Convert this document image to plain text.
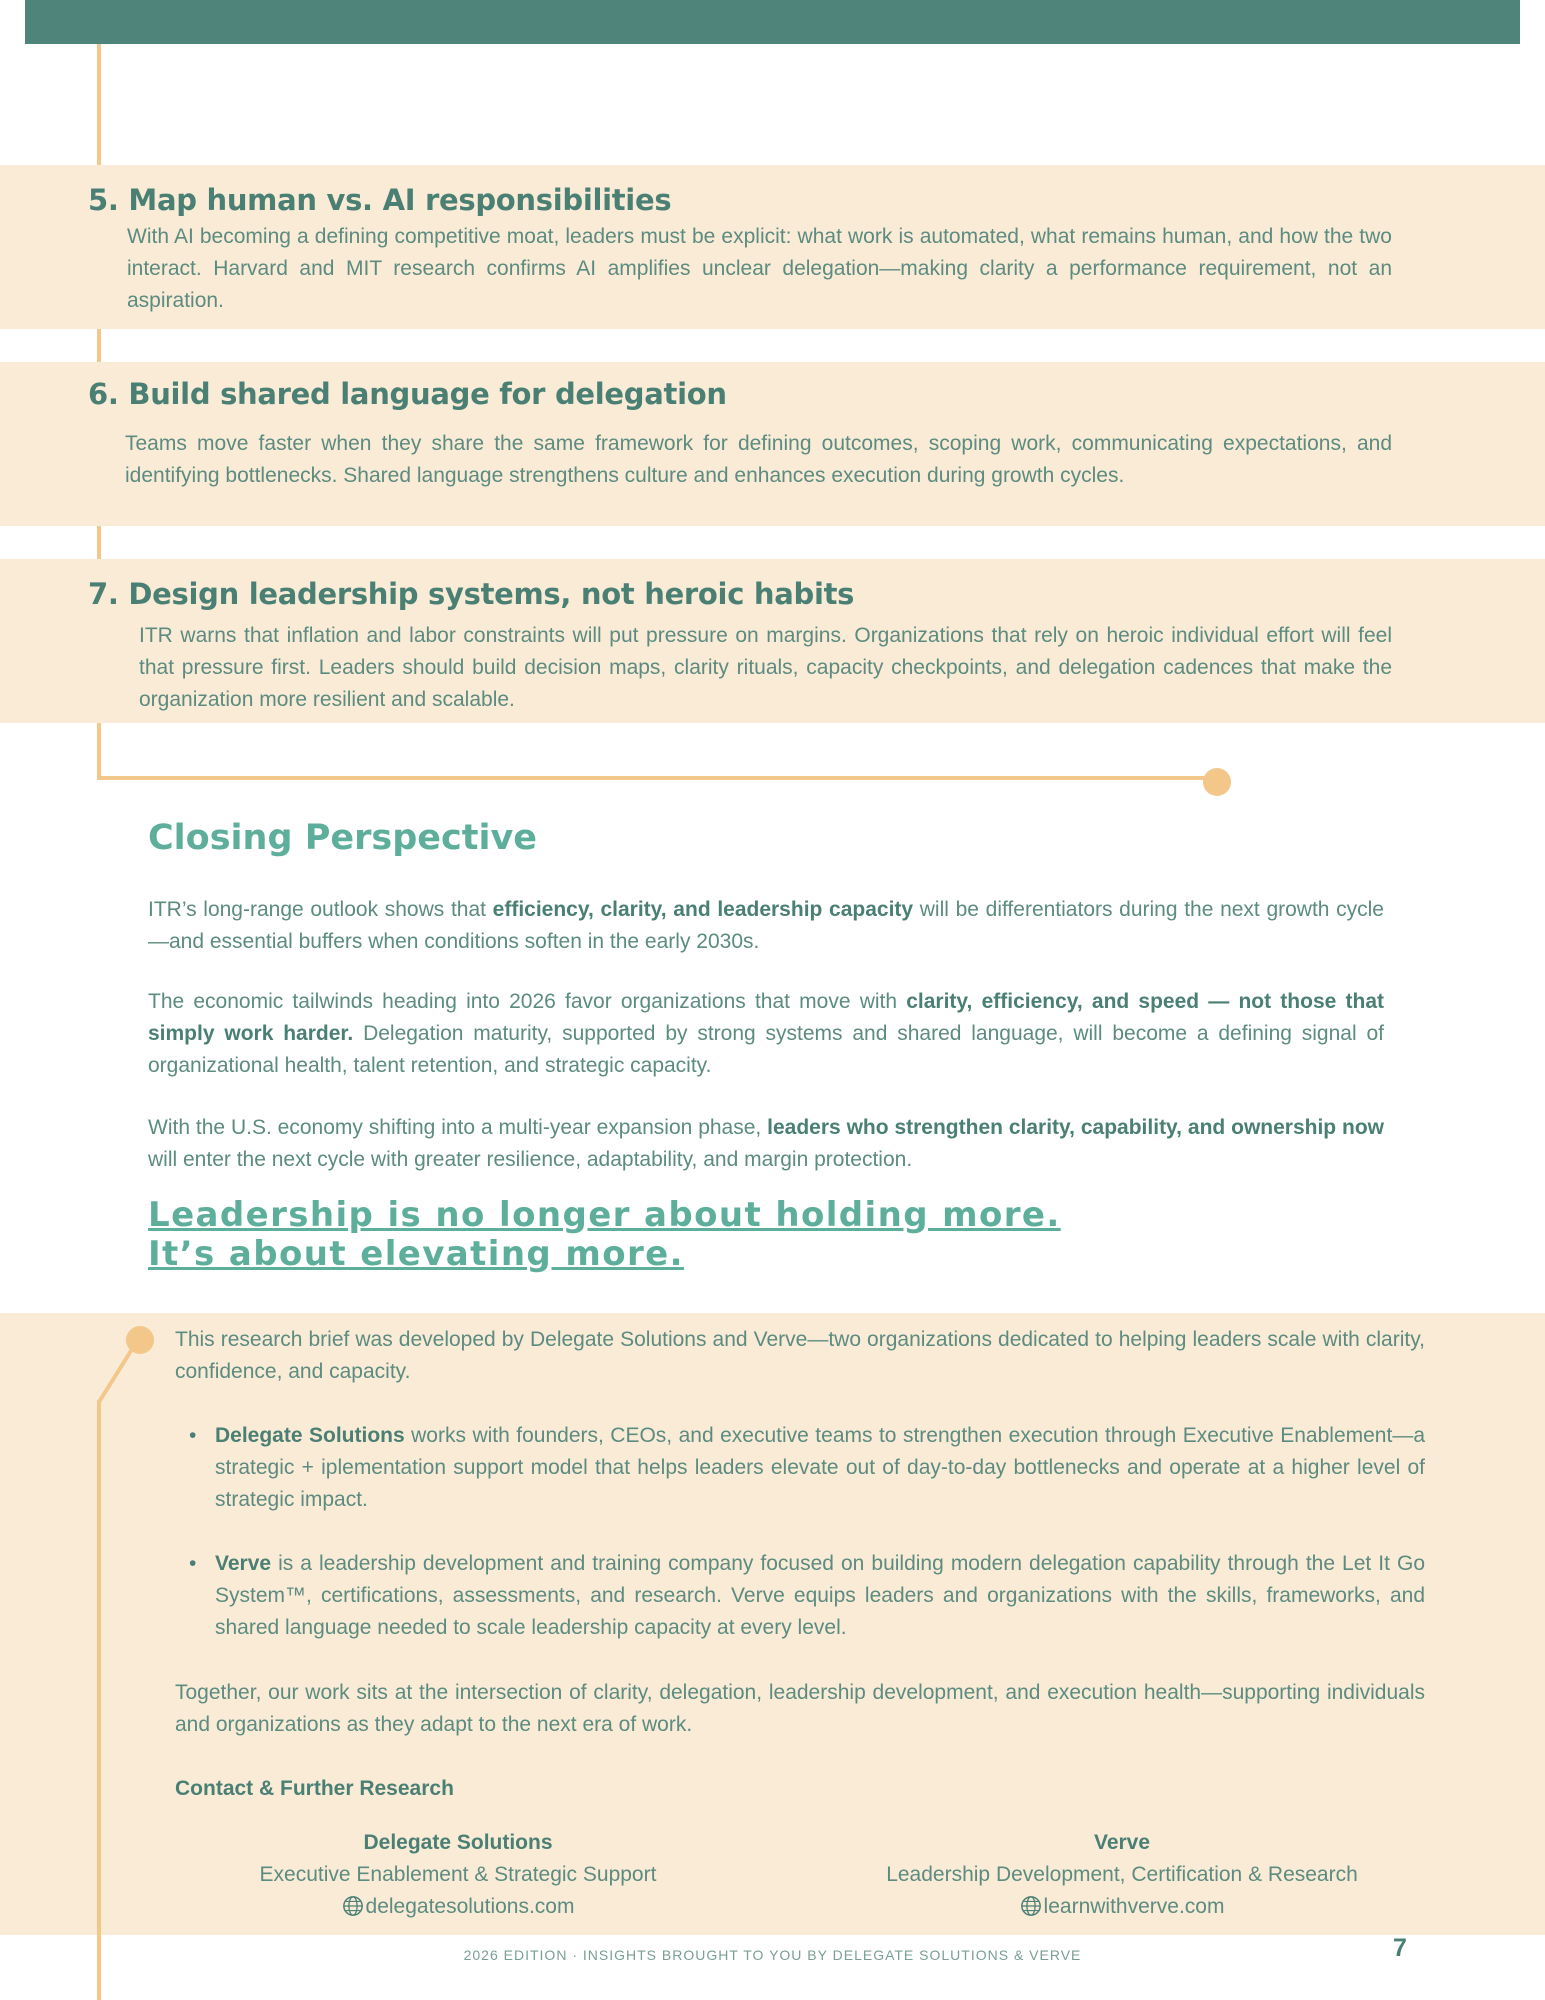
5. Map human vs. AI responsibilities

With AI becoming a defining competitive moat, leaders must be explicit: what work is automated, what remains human, and how the two interact. Harvard and MIT research confirms AI amplifies unclear delegation—making clarity a performance requirement, not an aspiration.

6. Build shared language for delegation

Teams move faster when they share the same framework for defining outcomes, scoping work, communicating expectations, and identifying bottlenecks. Shared language strengthens culture and enhances execution during growth cycles.

7. Design leadership systems, not heroic habits

ITR warns that inflation and labor constraints will put pressure on margins. Organizations that rely on heroic individual effort will feel that pressure first. Leaders should build decision maps, clarity rituals, capacity checkpoints, and delegation cadences that make the organization more resilient and scalable.

Closing Perspective

ITR’s long-range outlook shows that efficiency, clarity, and leadership capacity will be differentiators during the next growth cycle—and essential buffers when conditions soften in the early 2030s.

The economic tailwinds heading into 2026 favor organizations that move with clarity, efficiency, and speed — not those that simply work harder. Delegation maturity, supported by strong systems and shared language, will become a defining signal of organizational health, talent retention, and strategic capacity.

With the U.S. economy shifting into a multi-year expansion phase, leaders who strengthen clarity, capability, and ownership now will enter the next cycle with greater resilience, adaptability, and margin protection.

Leadership is no longer about holding more.
It’s about elevating more.

This research brief was developed by Delegate Solutions and Verve—two organizations dedicated to helping leaders scale with clarity, confidence, and capacity.

• Delegate Solutions works with founders, CEOs, and executive teams to strengthen execution through Executive Enablement—a strategic + iplementation support model that helps leaders elevate out of day-to-day bottlenecks and operate at a higher level of strategic impact.

• Verve is a leadership development and training company focused on building modern delegation capability through the Let It Go System™, certifications, assessments, and research. Verve equips leaders and organizations with the skills, frameworks, and shared language needed to scale leadership capacity at every level.

Together, our work sits at the intersection of clarity, delegation, leadership development, and execution health—supporting individuals and organizations as they adapt to the next era of work.

Contact & Further Research
Delegate Solutions
Executive Enablement & Strategic Support
delegatesolutions.com
Verve
Leadership Development, Certification & Research
learnwithverve.com
2026 EDITION · INSIGHTS BROUGHT TO YOU BY DELEGATE SOLUTIONS & VERVE	7
